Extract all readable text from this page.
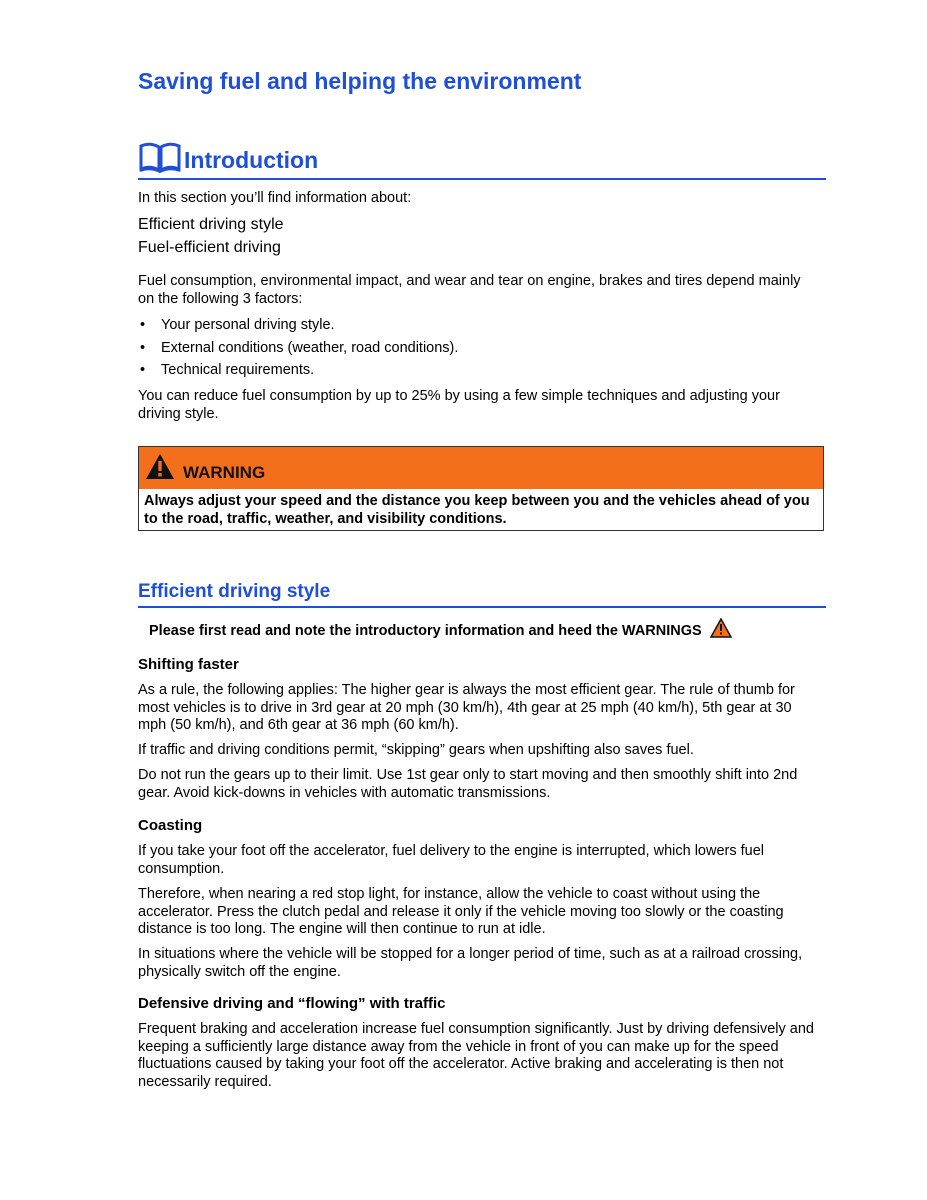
Saving fuel and helping the environment
Introduction

In this section you’ll find information about:

Efficient driving style

Fuel-efficient driving

Fuel consumption, environmental impact, and wear and tear on engine, brakes and tires depend mainly on the following 3 factors:

• Your personal driving style.
• External conditions (weather, road conditions).
• Technical requirements.

You can reduce fuel consumption by up to 25% by using a few simple techniques and adjusting your driving style.

WARNING

Always adjust your speed and the distance you keep between you and the vehicles ahead of you to the road, traffic, weather, and visibility conditions.

Efficient driving style
Please first read and note the introductory information and heed the WARNINGS
Shifting faster

As a rule, the following applies: The higher gear is always the most efficient gear. The rule of thumb for most vehicles is to drive in 3rd gear at 20 mph (30 km/h), 4th gear at 25 mph (40 km/h), 5th gear at 30 mph (50 km/h), and 6th gear at 36 mph (60 km/h).

If traffic and driving conditions permit, “skipping” gears when upshifting also saves fuel.

Do not run the gears up to their limit. Use 1st gear only to start moving and then smoothly shift into 2nd gear. Avoid kick-downs in vehicles with automatic transmissions.

Coasting

If you take your foot off the accelerator, fuel delivery to the engine is interrupted, which lowers fuel consumption.

Therefore, when nearing a red stop light, for instance, allow the vehicle to coast without using the accelerator. Press the clutch pedal and release it only if the vehicle moving too slowly or the coasting distance is too long. The engine will then continue to run at idle.

In situations where the vehicle will be stopped for a longer period of time, such as at a railroad crossing, physically switch off the engine.

Defensive driving and “flowing” with traffic

Frequent braking and acceleration increase fuel consumption significantly. Just by driving defensively and keeping a sufficiently large distance away from the vehicle in front of you can make up for the speed fluctuations caused by taking your foot off the accelerator. Active braking and accelerating is then not necessarily required.
